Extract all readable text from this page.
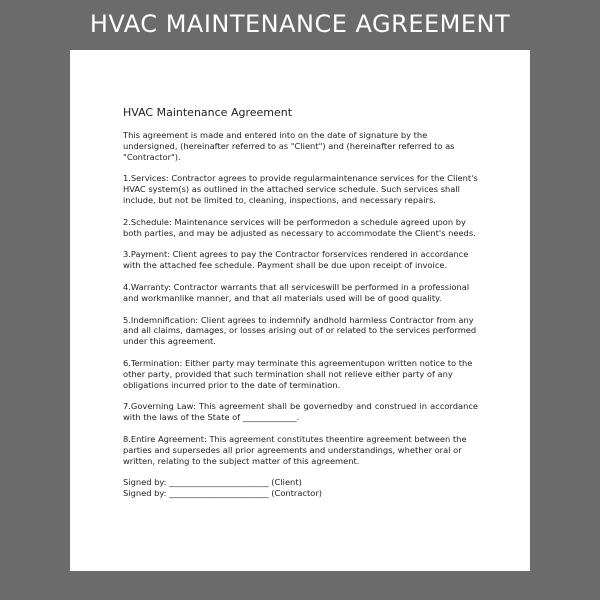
HVAC MAINTENANCE AGREEMENT
HVAC Maintenance Agreement

This agreement is made and entered into on the date of signature by the undersigned, (hereinafter referred to as "Client") and (hereinafter referred to as "Contractor").

1.Services: Contractor agrees to provide regularmaintenance services for the Client's HVAC system(s) as outlined in the attached service schedule. Such services shall include, but not be limited to, cleaning, inspections, and necessary repairs.

2.Schedule: Maintenance services will be performedon a schedule agreed upon by both parties, and may be adjusted as necessary to accommodate the Client's needs.

3.Payment: Client agrees to pay the Contractor forservices rendered in accordance with the attached fee schedule. Payment shall be due upon receipt of invoice.

4.Warranty: Contractor warrants that all serviceswill be performed in a professional and workmanlike manner, and that all materials used will be of good quality.

5.Indemnification: Client agrees to indemnify andhold harmless Contractor from any and all claims, damages, or losses arising out of or related to the services performed under this agreement.

6.Termination: Either party may terminate this agreementupon written notice to the other party, provided that such termination shall not relieve either party of any obligations incurred prior to the date of termination.

7.Governing Law: This agreement shall be governedby and construed in accordance with the laws of the State of _____________.

8.Entire Agreement: This agreement constitutes theentire agreement between the parties and supersedes all prior agreements and understandings, whether oral or written, relating to the subject matter of this agreement.

Signed by: ________________________ (Client)
Signed by: ________________________ (Contractor)
